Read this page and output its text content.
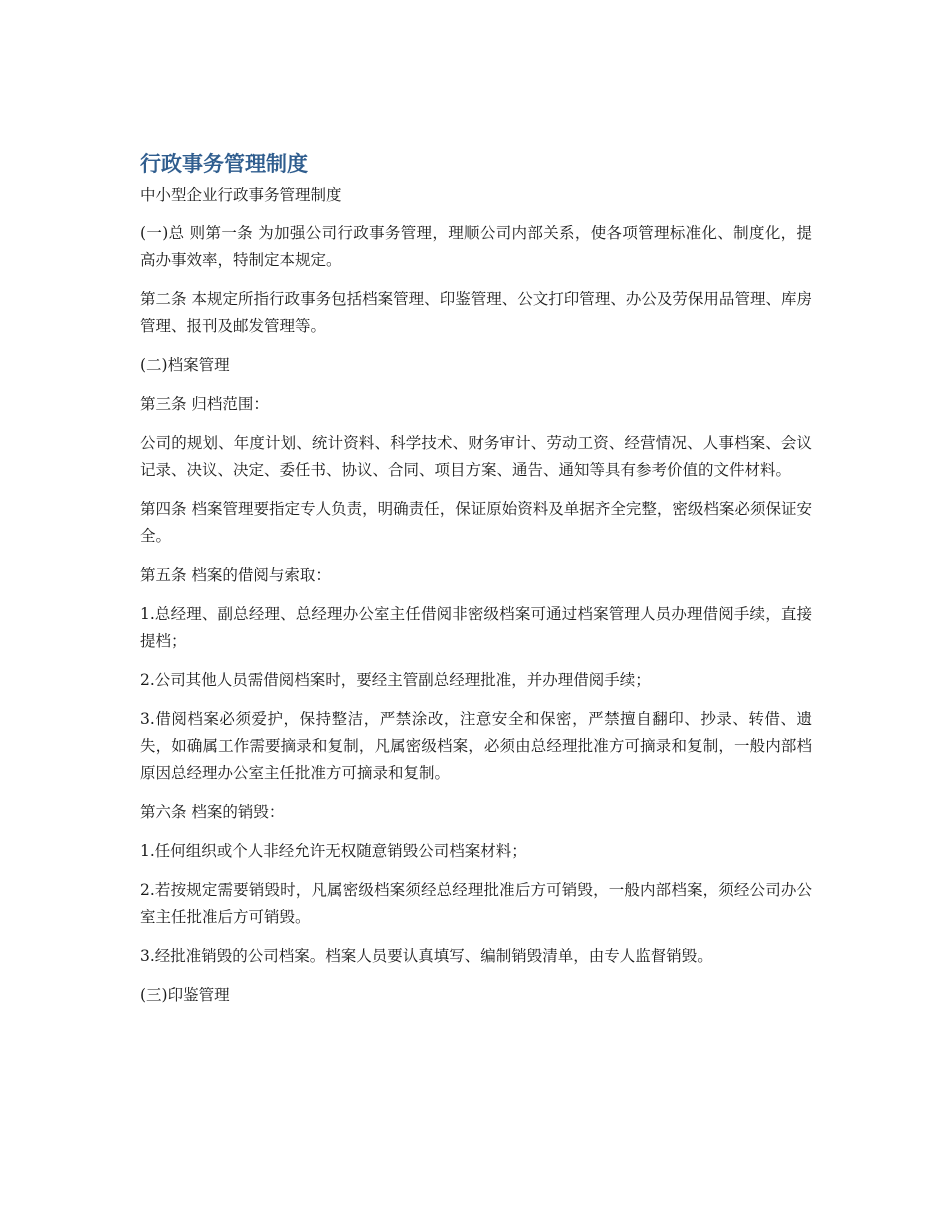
行政事务管理制度

中小型企业行政事务管理制度

(一)总 则第一条 为加强公司行政事务管理，理顺公司内部关系，使各项管理标准化、制度化，提高办事效率，特制定本规定。

第二条 本规定所指行政事务包括档案管理、印鉴管理、公文打印管理、办公及劳保用品管理、库房管理、报刊及邮发管理等。

(二)档案管理

第三条 归档范围：

公司的规划、年度计划、统计资料、科学技术、财务审计、劳动工资、经营情况、人事档案、会议记录、决议、决定、委任书、协议、合同、项目方案、通告、通知等具有参考价值的文件材料。

第四条 档案管理要指定专人负责，明确责任，保证原始资料及单据齐全完整，密级档案必须保证安全。

第五条 档案的借阅与索取：

1.总经理、副总经理、总经理办公室主任借阅非密级档案可通过档案管理人员办理借阅手续，直接提档；

2.公司其他人员需借阅档案时，要经主管副总经理批准，并办理借阅手续；

3.借阅档案必须爱护，保持整洁，严禁涂改，注意安全和保密，严禁擅自翻印、抄录、转借、遗失，如确属工作需要摘录和复制，凡属密级档案，必须由总经理批准方可摘录和复制，一般内部档原因总经理办公室主任批准方可摘录和复制。

第六条 档案的销毁：

1.任何组织或个人非经允许无权随意销毁公司档案材料；

2.若按规定需要销毁时，凡属密级档案须经总经理批准后方可销毁，一般内部档案，须经公司办公室主任批准后方可销毁。

3.经批准销毁的公司档案。档案人员要认真填写、编制销毁清单，由专人监督销毁。

(三)印鉴管理
